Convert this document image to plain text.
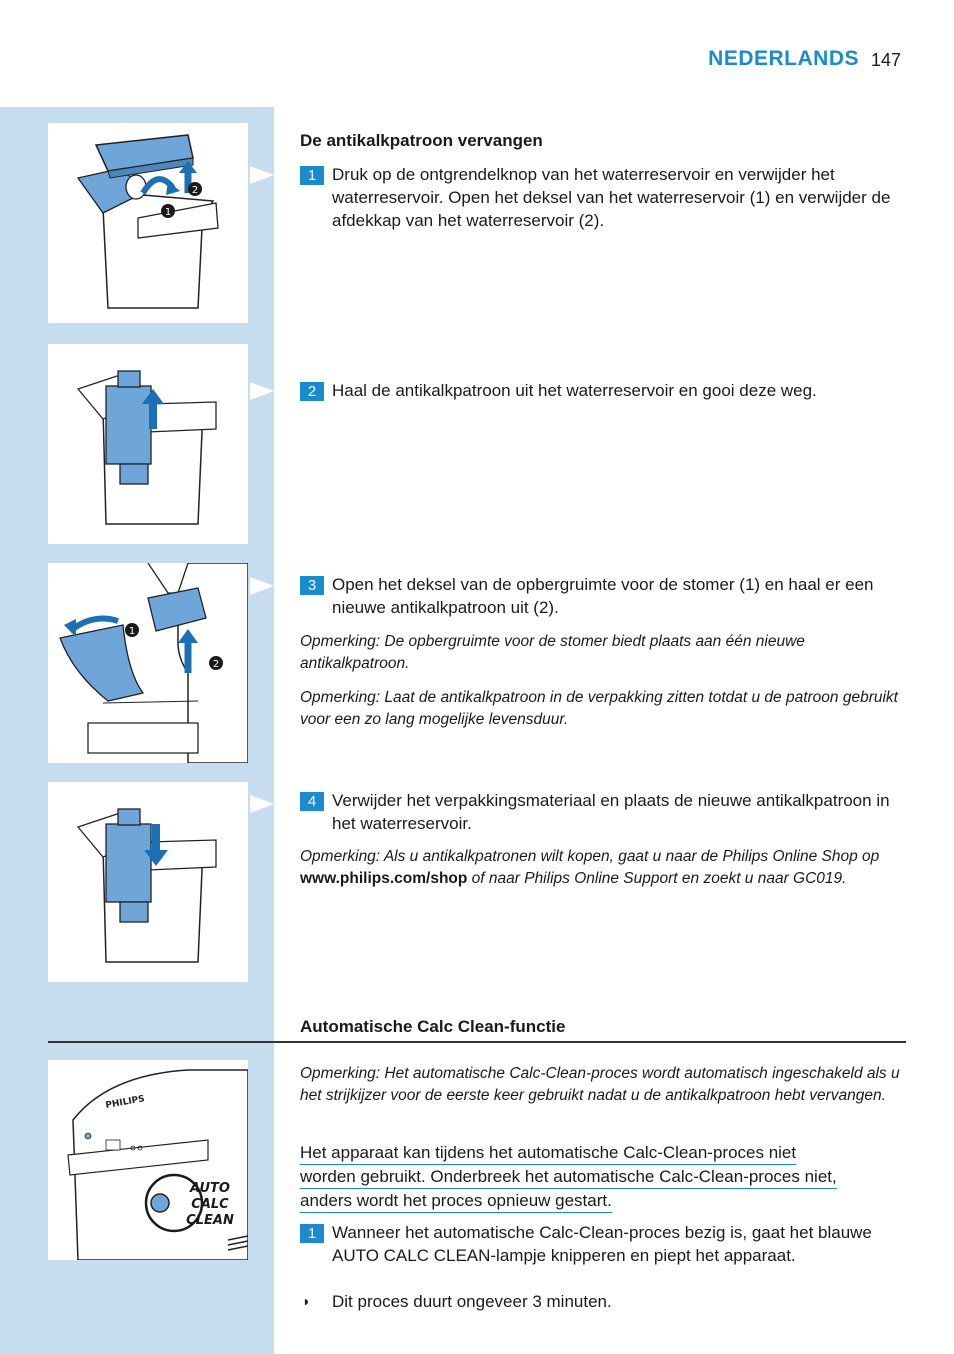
NEDERLANDS 147
1
2
1
2
PHILIPS
AUTO
CALC
CLEAN
De antikalkpatroon vervangen
1 Druk op de ontgrendelknop van het waterreservoir en verwijder het waterreservoir. Open het deksel van het waterreservoir (1) en verwijder de afdekkap van het waterreservoir (2).
2 Haal de antikalkpatroon uit het waterreservoir en gooi deze weg.
3 Open het deksel van de opbergruimte voor de stomer (1) en haal er een nieuwe antikalkpatroon uit (2).
Opmerking: De opbergruimte voor de stomer biedt plaats aan één nieuwe antikalkpatroon.
Opmerking: Laat de antikalkpatroon in de verpakking zitten totdat u de patroon gebruikt voor een zo lang mogelijke levensduur.
4 Verwijder het verpakkingsmateriaal en plaats de nieuwe antikalkpatroon in het waterreservoir.
Opmerking: Als u antikalkpatronen wilt kopen, gaat u naar de Philips Online Shop op www.philips.com/shop of naar Philips Online Support en zoekt u naar GC019.
Automatische Calc Clean-functie
Opmerking: Het automatische Calc-Clean-proces wordt automatisch ingeschakeld als u het strijkijzer voor de eerste keer gebruikt nadat u de antikalkpatroon hebt vervangen.
Het apparaat kan tijdens het automatische Calc-Clean-proces niet
worden gebruikt. Onderbreek het automatische Calc-Clean-proces niet,
anders wordt het proces opnieuw gestart.
1 Wanneer het automatische Calc-Clean-proces bezig is, gaat het blauwe AUTO CALC CLEAN-lampje knipperen en piept het apparaat.
◗ Dit proces duurt ongeveer 3 minuten.
